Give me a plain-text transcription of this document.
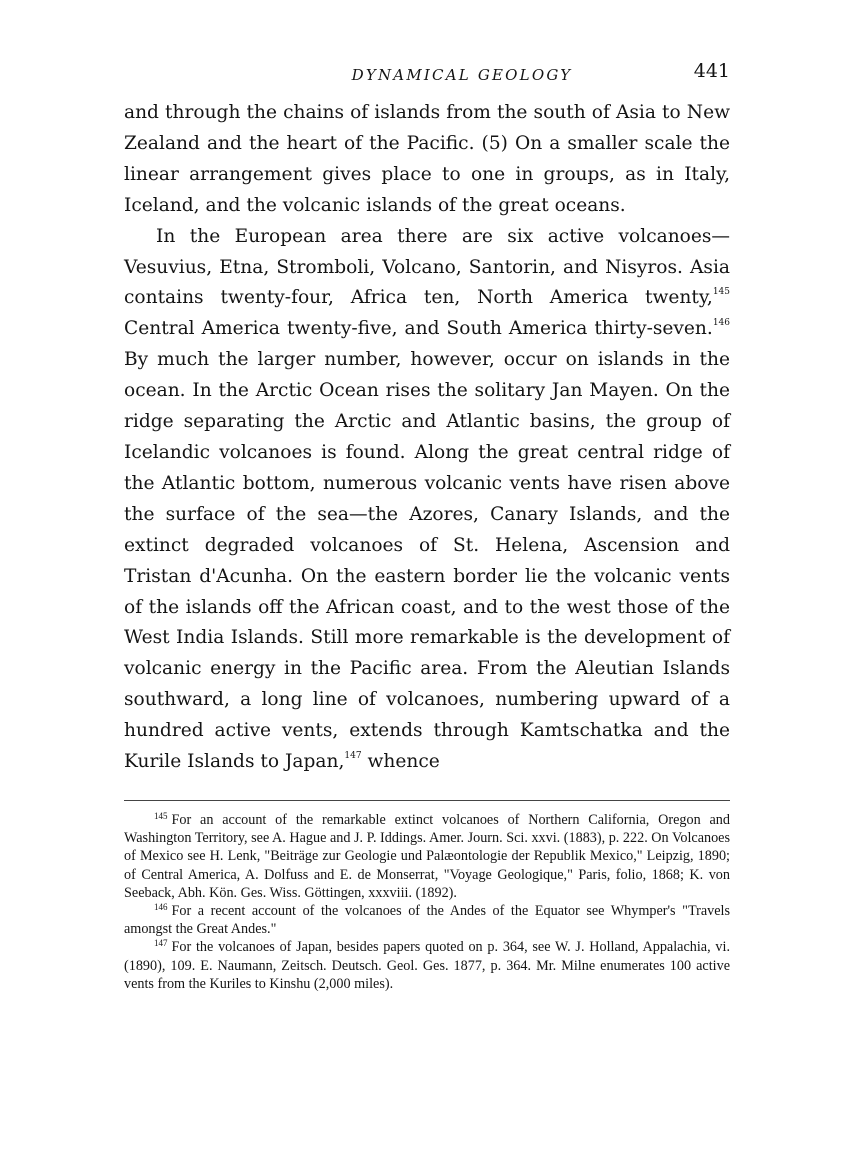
DYNAMICAL GEOLOGY	441

and through the chains of islands from the south of Asia to New Zealand and the heart of the Pacific. (5) On a smaller scale the linear arrangement gives place to one in groups, as in Italy, Iceland, and the volcanic islands of the great oceans.

In the European area there are six active volcanoes—Vesuvius, Etna, Stromboli, Volcano, Santorin, and Nisyros. Asia contains twenty-four, Africa ten, North America twenty,$^{145}$ Central America twenty-five, and South America thirty-seven.$^{146}$ By much the larger number, however, occur on islands in the ocean. In the Arctic Ocean rises the solitary Jan Mayen. On the ridge separating the Arctic and Atlantic basins, the group of Icelandic volcanoes is found. Along the great central ridge of the Atlantic bottom, numerous volcanic vents have risen above the surface of the sea—the Azores, Canary Islands, and the extinct degraded volcanoes of St. Helena, Ascension and Tristan d'Acunha. On the eastern border lie the volcanic vents of the islands off the African coast, and to the west those of the West India Islands. Still more remarkable is the development of volcanic energy in the Pacific area. From the Aleutian Islands southward, a long line of volcanoes, numbering upward of a hundred active vents, extends through Kamtschatka and the Kurile Islands to Japan,$^{147}$ whence

$^{145}$ For an account of the remarkable extinct volcanoes of Northern California, Oregon and Washington Territory, see A. Hague and J. P. Iddings. Amer. Journ. Sci. xxvi. (1883), p. 222. On Volcanoes of Mexico see H. Lenk, "Beiträge zur Geologie und Palæontologie der Republik Mexico," Leipzig, 1890; of Central America, A. Dolfuss and E. de Monserrat, "Voyage Geologique," Paris, folio, 1868; K. von Seeback, Abh. Kön. Ges. Wiss. Göttingen, xxxviii. (1892).

$^{146}$ For a recent account of the volcanoes of the Andes of the Equator see Whymper's "Travels amongst the Great Andes."

$^{147}$ For the volcanoes of Japan, besides papers quoted on p. 364, see W. J. Holland, Appalachia, vi. (1890), 109. E. Naumann, Zeitsch. Deutsch. Geol. Ges. 1877, p. 364. Mr. Milne enumerates 100 active vents from the Kuriles to Kinshu (2,000 miles).
